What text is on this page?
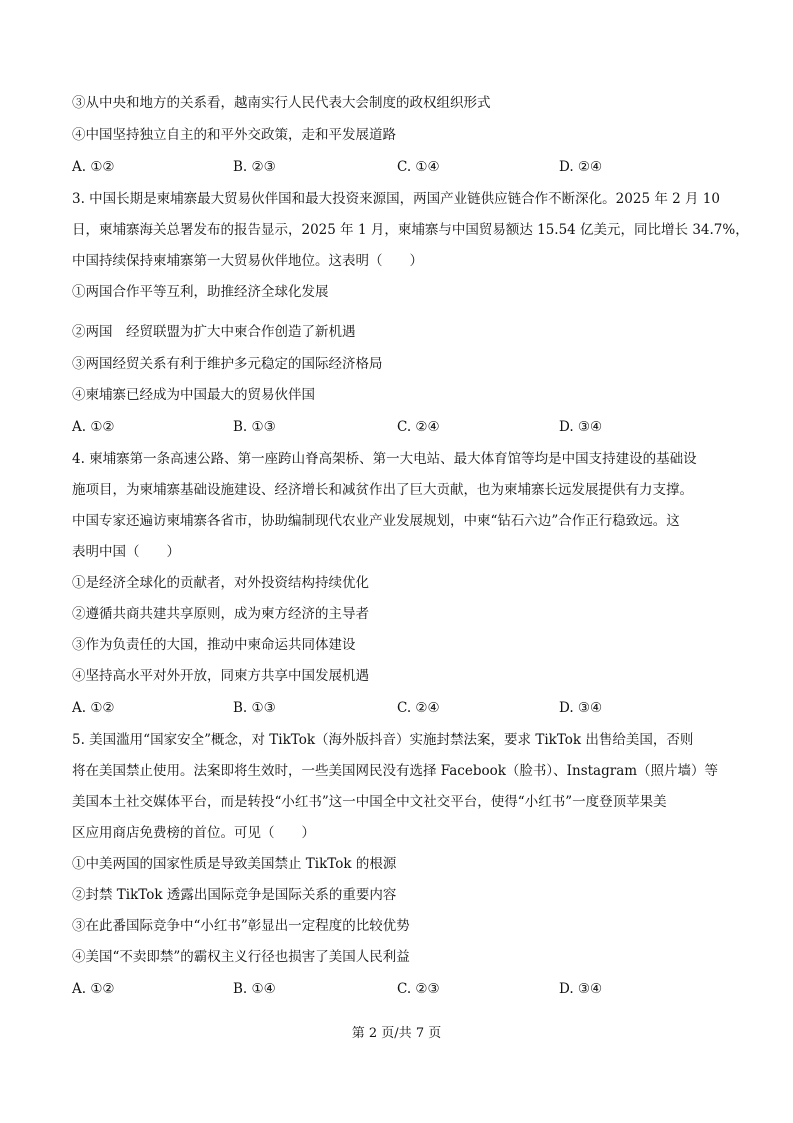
③从中央和地方的关系看，越南实行人民代表大会制度的政权组织形式
④中国坚持独立自主的和平外交政策，走和平发展道路
A. ①②	B. ②③	C. ①④	D. ②④
3. 中国长期是柬埔寨最大贸易伙伴国和最大投资来源国，两国产业链供应链合作不断深化。2025 年 2 月 10
日，柬埔寨海关总署发布的报告显示，2025 年 1 月，柬埔寨与中国贸易额达 15.54 亿美元，同比增长 34.7%，
中国持续保持柬埔寨第一大贸易伙伴地位。这表明（　　）
①两国合作平等互利，助推经济全球化发展
②两国　经贸联盟为扩大中柬合作创造了新机遇
③两国经贸关系有利于维护多元稳定的国际经济格局
④柬埔寨已经成为中国最大的贸易伙伴国
A. ①②	B. ①③	C. ②④	D. ③④
4. 柬埔寨第一条高速公路、第一座跨山脊高架桥、第一大电站、最大体育馆等均是中国支持建设的基础设
施项目，为柬埔寨基础设施建设、经济增长和减贫作出了巨大贡献，也为柬埔寨长远发展提供有力支撑。
中国专家还遍访柬埔寨各省市，协助编制现代农业产业发展规划，中柬“钻石六边”合作正行稳致远。这
表明中国（　　）
①是经济全球化的贡献者，对外投资结构持续优化
②遵循共商共建共享原则，成为柬方经济的主导者
③作为负责任的大国，推动中柬命运共同体建设
④坚持高水平对外开放，同柬方共享中国发展机遇
A. ①②	B. ①③	C. ②④	D. ③④
5. 美国滥用“国家安全”概念，对 TikTok（海外版抖音）实施封禁法案，要求 TikTok 出售给美国，否则
将在美国禁止使用。法案即将生效时，一些美国网民没有选择 Facebook（脸书）、Instagram（照片墙）等
美国本土社交媒体平台，而是转投“小红书”这一中国全中文社交平台，使得“小红书”一度登顶苹果美
区应用商店免费榜的首位。可见（　　）
①中美两国的国家性质是导致美国禁止 TikTok 的根源
②封禁 TikTok 透露出国际竞争是国际关系的重要内容
③在此番国际竞争中“小红书”彰显出一定程度的比较优势
④美国“不卖即禁”的霸权主义行径也损害了美国人民利益
A. ①②	B. ①④	C. ②③	D. ③④
第 2 页/共 7 页
